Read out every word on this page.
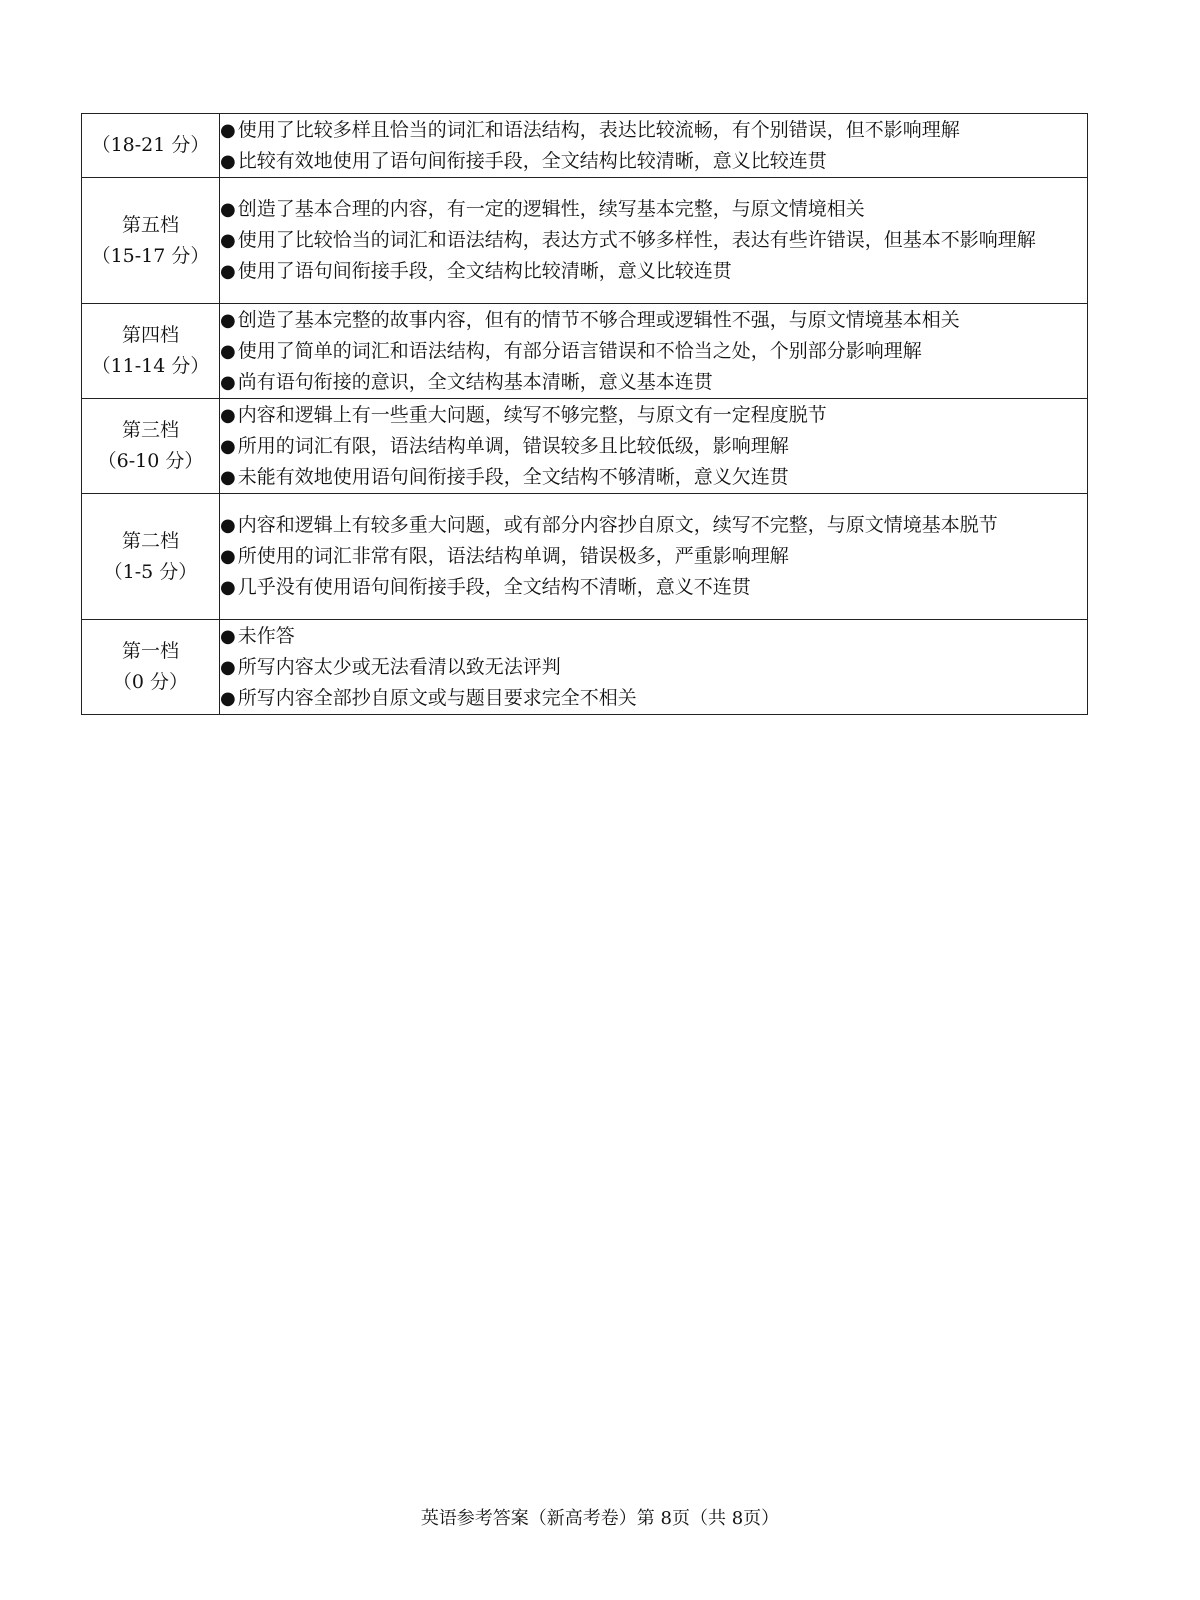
（18-21 分）	● 使用了比较多样且恰当的词汇和语法结构，表达比较流畅，有个别错误，但不影响理解
● 比较有效地使用了语句间衔接手段，全文结构比较清晰，意义比较连贯

第五档
（15-17 分）	● 创造了基本合理的内容，有一定的逻辑性，续写基本完整，与原文情境相关
● 使用了比较恰当的词汇和语法结构，表达方式不够多样性，表达有些许错误，但基本不影响理解
● 使用了语句间衔接手段，全文结构比较清晰，意义比较连贯

第四档
（11-14 分）	● 创造了基本完整的故事内容，但有的情节不够合理或逻辑性不强，与原文情境基本相关
● 使用了简单的词汇和语法结构，有部分语言错误和不恰当之处，个别部分影响理解
● 尚有语句衔接的意识，全文结构基本清晰，意义基本连贯

第三档
（6-10 分）	● 内容和逻辑上有一些重大问题，续写不够完整，与原文有一定程度脱节
● 所用的词汇有限，语法结构单调，错误较多且比较低级，影响理解
● 未能有效地使用语句间衔接手段，全文结构不够清晰，意义欠连贯

第二档
（1-5 分）	● 内容和逻辑上有较多重大问题，或有部分内容抄自原文，续写不完整，与原文情境基本脱节
● 所使用的词汇非常有限，语法结构单调，错误极多，严重影响理解
● 几乎没有使用语句间衔接手段，全文结构不清晰，意义不连贯

第一档
（0 分）	● 未作答
● 所写内容太少或无法看清以致无法评判
● 所写内容全部抄自原文或与题目要求完全不相关
英语参考答案（新高考卷）第 8页（共 8页）
